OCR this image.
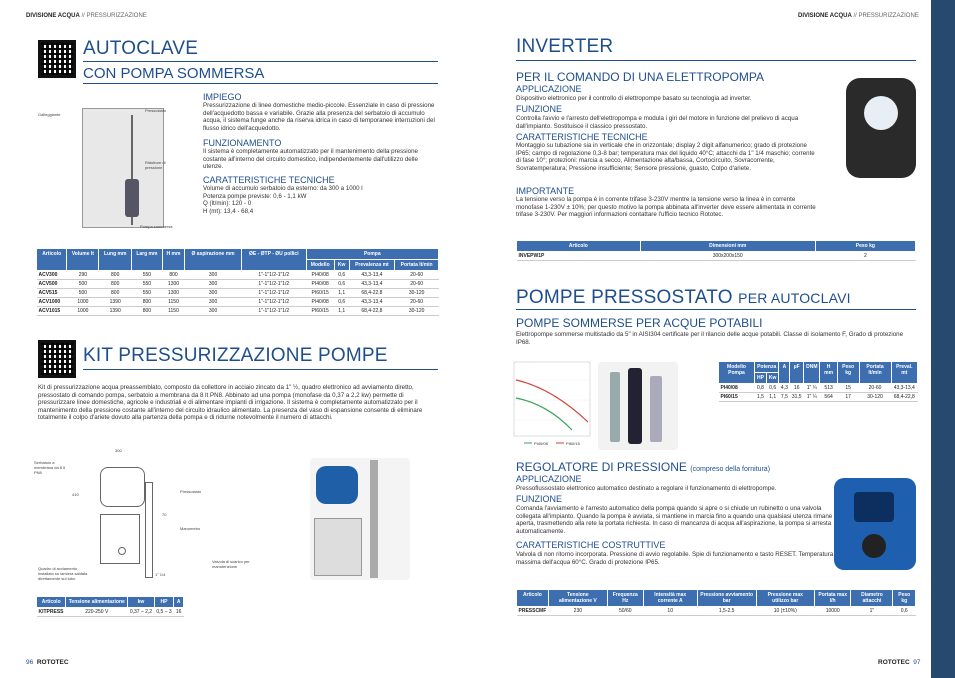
DIVISIONE ACQUA // PRESSURIZZAZIONE
AUTOCLAVE
CON POMPA SOMMERSA
Galleggiante
Pressostato
Riduttore di pressione
Pompa sommersa
IMPIEGO
Pressurizzazione di linee domestiche medio-piccole. Essenziale in caso di pressione dell'acquedotto bassa e variabile. Grazie alla presenza del serbatoio di accumulo acqua, il sistema funge anche da riserva idrica in caso di temporanee interruzioni del flusso idrico dell'acquedotto.
FUNZIONAMENTO
Il sistema è completamente automatizzato per il mantenimento della pressione costante all'interno del circuito domestico, indipendentemente dall'utilizzo delle utenze.
CARATTERISTICHE TECNICHE
Volume di accumulo serbatoio da esterno: da 300 a 1000 l
Potenza pompe previste: 0,6 - 1,1 kW
Q (lt/min): 120 - 0
H (mt): 13,4 - 68,4
Articolo	Volume lt	Lung mm	Larg mm	H mm	Ø aspirazione mm	ØE - ØTP - ØU pollici	Pompa			
							Modello	Kw	Prevalenza mt	Portata lt/min
ACV300	290	800	550	800	300	1"-1"1/2-1"1/2	PI40/08	0,6	43,3-13,4	20-60
ACV500	500	800	550	1300	300	1"-1"1/2-1"1/2	PI40/08	0,6	43,3-13,4	20-60
ACV515	500	800	550	1300	300	1"-1"1/2-1"1/2	PI60/15	1,1	68,4-22,8	30-120
ACV1000	1000	1390	800	1150	300	1"-1"1/2-1"1/2	PI40/08	0,6	43,3-13,4	20-60
ACV1015	1000	1390	800	1150	300	1"-1"1/2-1"1/2	PI60/15	1,1	68,4-22,8	30-120
KIT PRESSURIZZAZIONE POMPE
Kit di pressurizzazione acqua preassemblato, composto da collettore in acciaio zincato da 1" ½, quadro elettronico ad avviamento diretto, pressostato di comando pompa, serbatoio a membrana da 8 lt PN8. Abbinato ad una pompa (monofase da 0,37 a 2,2 kw) permette di pressurizzare linee domestiche, agricole e industriali e di alimentare impianti di irrigazione. Il sistema è completamente automatizzato per il mantenimento della pressione costante all'interno del circuito idraulico alimentato. La presenza del vaso di espansione consente di eliminare totalmente il colpo d'ariete dovuto alla partenza della pompa e di ridurne notevolmente il numero di attacchi.
300
410
70
1" 1/4
Serbatoio a membrana da 8 lt PN8
Pressostato
Manometro
Quadro di avviamento installato su lamiera saldata direttamente sul tubo
Valvola di scarico per manutenzione
Articolo	Tensione alimentazione	kw	HP	A
KITPRESS	220-250 V	0,37 – 2,2	0,5 – 3	16
96 ROTOTEC
DIVISIONE ACQUA // PRESSURIZZAZIONE
INVERTER
PER IL COMANDO DI UNA ELETTROPOMPA
APPLICAZIONE
Dispositivo elettronico per il controllo di elettropompe basato su tecnologia ad inverter.
FUNZIONE
Controlla l'avvio e l'arresto dell'elettropompa e modula i giri del motore in funzione del prelievo di acqua dall'impianto. Sostituisce il classico pressostato.
CARATTERISTICHE TECNICHE
Montaggio su tubazione sia in verticale che in orizzontale; display 2 digit alfanumerico; grado di protezione IP65; campo di regolazione 0,3-8 bar; temperatura max del liquido 40°C; attacchi da 1" 1/4 maschio; corrente di fase 10°; protezioni: marcia a secco, Alimentazione alta/bassa, Cortocircuito, Sovracorrente, Sovratemperatura; Pressione insufficiente; Sensore pressione, guasto, Colpo d'ariete.
IMPORTANTE
La tensione verso la pompa è in corrente trifase 3-230V mentre la tensione verso la linea è in corrente monofase 1-230V ± 10%; per questo motivo la pompa abbinata all'inverter deve essere alimentata in corrente trifase 3-230V. Per maggiori informazioni contattare l'ufficio tecnico Rototec.
Articolo	Dimensioni mm	Peso kg
INVEPW1P	300x200x150	2
POMPE PRESSOSTATO PER AUTOCLAVI
POMPE SOMMERSE PER ACQUE POTABILI
Elettropompe sommerse multistadio da 5" in AISI304 certificate per il rilancio delle acque potabili. Classe di isolamento F, Grado di protezione IP68.
PI40/08	PI60/15
Modello Pompa	Potenza		A	µF	DNM	H mm	Peso kg	Portata lt/min	Preval. mt
	HP	Kw							
PI40/08	0,8	0,6	4,3	16	1" ¼	513	15	20-60	43,3-13,4
PI60/15	1,5	1,1	7,5	31,5	1" ¼	564	17	30-120	68,4-22,8
REGOLATORE DI PRESSIONE (compreso della fornitura)
APPLICAZIONE
Pressoflussostato elettronico automatico destinato a regolare il funzionamento di elettropompe.
FUNZIONE
Comanda l'avviamento e l'arresto automatico della pompa quando si apre o si chiude un rubinetto o una valvola collegata all'impianto. Quando la pompa è avviata, si mantiene in marcia fino a quando una qualsiasi utenza rimane aperta, trasmettendo alla rete la portata richiesta. In caso di mancanza di acqua all'aspirazione, la pompa si arresta automaticamente.
CARATTERISTICHE COSTRUTTIVE
Valvola di non ritorno incorporata. Pressione di avvio regolabile. Spie di funzionamento e tasto RESET. Temperatura massima dell'acqua 60°C. Grado di protezione IP65.
Articolo	Tensione alimentazione V	Frequenza Hz	Intensità max corrente A	Pressione avviamento bar	Pressione max utilizzo bar	Portata max l/h	Diametro attacchi	Peso kg
PRESSCMF	230	50/60	10	1,5-2,5	10 (±10%)	10000	1"	0,6
ROTOTEC 97
